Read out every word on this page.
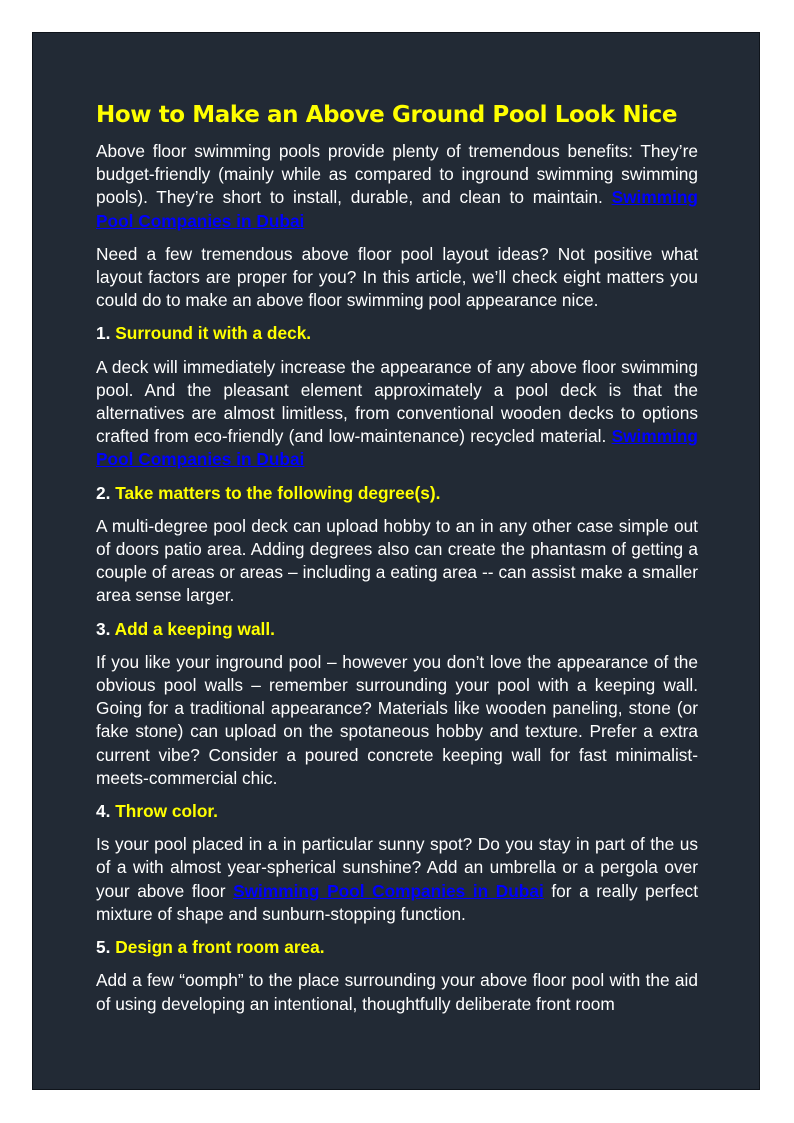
How to Make an Above Ground Pool Look Nice

Above floor swimming pools provide plenty of tremendous benefits: They’re budget-friendly (mainly while as compared to inground swimming swimming pools). They’re short to install, durable, and clean to maintain. Swimming Pool Companies in Dubai

Need a few tremendous above floor pool layout ideas? Not positive what layout factors are proper for you? In this article, we’ll check eight matters you could do to make an above floor swimming pool appearance nice.

1. Surround it with a deck.

A deck will immediately increase the appearance of any above floor swimming pool. And the pleasant element approximately a pool deck is that the alternatives are almost limitless, from conventional wooden decks to options crafted from eco-friendly (and low-maintenance) recycled material. Swimming Pool Companies in Dubai

2. Take matters to the following degree(s).

A multi-degree pool deck can upload hobby to an in any other case simple out of doors patio area. Adding degrees also can create the phantasm of getting a couple of areas or areas – including a eating area -- can assist make a smaller area sense larger.

3. Add a keeping wall.

If you like your inground pool – however you don’t love the appearance of the obvious pool walls – remember surrounding your pool with a keeping wall. Going for a traditional appearance? Materials like wooden paneling, stone (or fake stone) can upload on the spotaneous hobby and texture. Prefer a extra current vibe? Consider a poured concrete keeping wall for fast minimalist-meets-commercial chic.

4. Throw color.

Is your pool placed in a in particular sunny spot? Do you stay in part of the us of a with almost year-spherical sunshine? Add an umbrella or a pergola over your above floor Swimming Pool Companies in Dubai for a really perfect mixture of shape and sunburn-stopping function.

5. Design a front room area.

Add a few “oomph” to the place surrounding your above floor pool with the aid of using developing an intentional, thoughtfully deliberate front room
